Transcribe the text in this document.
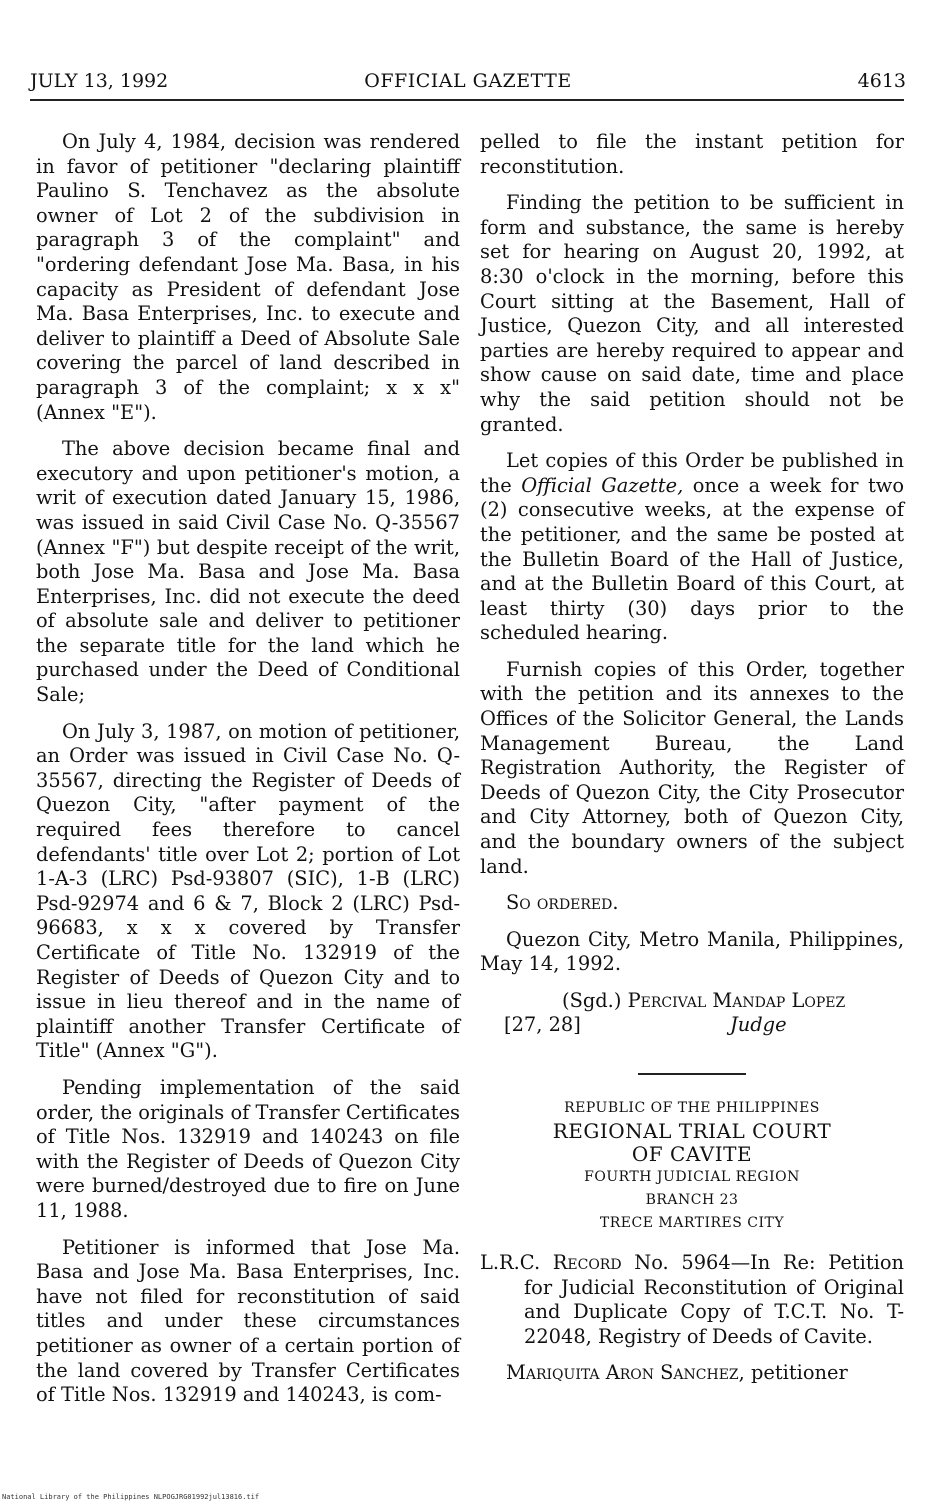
JULY 13, 1992	OFFICIAL GAZETTE	4613

On July 4, 1984, decision was rendered in favor of petitioner "declaring plaintiff Paulino S. Tenchavez as the absolute owner of Lot 2 of the subdivision in paragraph 3 of the complaint" and "ordering defendant Jose Ma. Basa, in his capacity as President of defendant Jose Ma. Basa Enterprises, Inc. to execute and deliver to plaintiff a Deed of Absolute Sale covering the parcel of land described in paragraph 3 of the complaint; x x x" (Annex "E").

The above decision became final and executory and upon petitioner's motion, a writ of execution dated January 15, 1986, was issued in said Civil Case No. Q-35567 (Annex "F") but despite receipt of the writ, both Jose Ma. Basa and Jose Ma. Basa Enterprises, Inc. did not execute the deed of absolute sale and deliver to petitioner the separate title for the land which he purchased under the Deed of Conditional Sale;

On July 3, 1987, on motion of petitioner, an Order was issued in Civil Case No. Q-35567, directing the Register of Deeds of Quezon City, "after payment of the required fees therefore to cancel defendants' title over Lot 2; portion of Lot 1-A-3 (LRC) Psd-93807 (SIC), 1-B (LRC) Psd-92974 and 6 & 7, Block 2 (LRC) Psd-96683, x x x covered by Transfer Certificate of Title No. 132919 of the Register of Deeds of Quezon City and to issue in lieu thereof and in the name of plaintiff another Transfer Certificate of Title" (Annex "G").

Pending implementation of the said order, the originals of Transfer Certificates of Title Nos. 132919 and 140243 on file with the Register of Deeds of Quezon City were burned/destroyed due to fire on June 11, 1988.

Petitioner is informed that Jose Ma. Basa and Jose Ma. Basa Enterprises, Inc. have not filed for reconstitution of said titles and under these circumstances petitioner as owner of a certain portion of the land covered by Transfer Certificates of Title Nos. 132919 and 140243, is com-

pelled to file the instant petition for reconstitution.

Finding the petition to be sufficient in form and substance, the same is hereby set for hearing on August 20, 1992, at 8:30 o'clock in the morning, before this Court sitting at the Basement, Hall of Justice, Quezon City, and all interested parties are hereby required to appear and show cause on said date, time and place why the said petition should not be granted.

Let copies of this Order be published in the Official Gazette, once a week for two (2) consecutive weeks, at the expense of the petitioner, and the same be posted at the Bulletin Board of the Hall of Justice, and at the Bulletin Board of this Court, at least thirty (30) days prior to the scheduled hearing.

Furnish copies of this Order, together with the petition and its annexes to the Offices of the Solicitor General, the Lands Management Bureau, the Land Registration Authority, the Register of Deeds of Quezon City, the City Prosecutor and City Attorney, both of Quezon City, and the boundary owners of the subject land.

So ordered.

Quezon City, Metro Manila, Philippines, May 14, 1992.

(Sgd.) Percival Mandap Lopez
[27, 28]	Judge
REPUBLIC OF THE PHILIPPINES
REGIONAL TRIAL COURT
OF CAVITE
FOURTH JUDICIAL REGION
BRANCH 23
TRECE MARTIRES CITY

L.R.C. Record No. 5964—In Re: Petition for Judicial Reconstitution of Original and Duplicate Copy of T.C.T. No. T-22048, Registry of Deeds of Cavite.

Mariquita Aron Sanchez, petitioner

National Library of the Philippines NLPOGJRG01992jul13816.tif
